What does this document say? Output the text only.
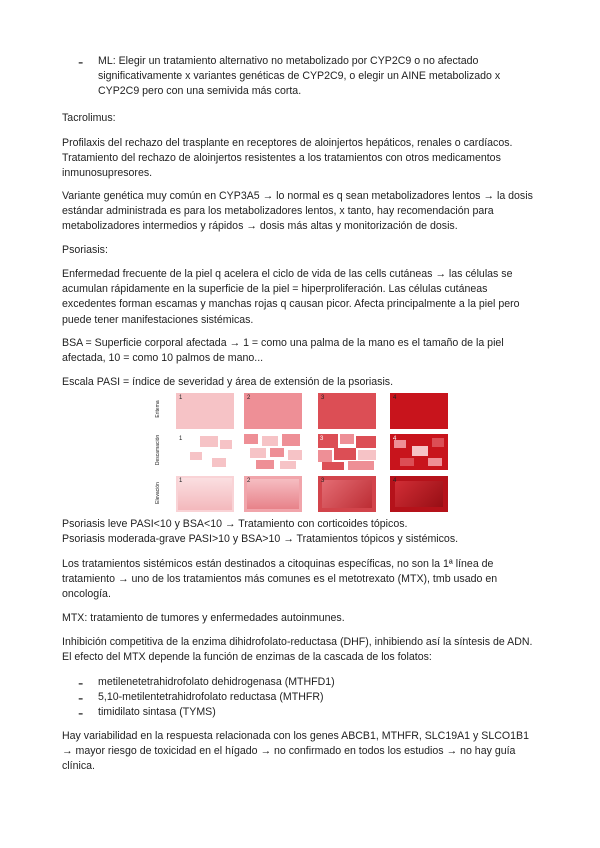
- ML: Elegir un tratamiento alternativo no metabolizado por CYP2C9 o no afectado significativamente x variantes genéticas de CYP2C9, o elegir un AINE metabolizado x CYP2C9 pero con una semivida más corta.

Tacrolimus:

Profilaxis del rechazo del trasplante en receptores de aloinjertos hepáticos, renales o cardíacos. Tratamiento del rechazo de aloinjertos resistentes a los tratamientos con otros medicamentos inmunosupresores.

Variante genética muy común en CYP3A5 → lo normal es q sean metabolizadores lentos → la dosis estándar administrada es para los metabolizadores lentos, x tanto, hay recomendación para metabolizadores intermedios y rápidos → dosis más altas y monitorización de dosis.

Psoriasis:

Enfermedad frecuente de la piel q acelera el ciclo de vida de las cells cutáneas → las células se acumulan rápidamente en la superficie de la piel = hiperproliferación. Las células cutáneas excedentes forman escamas y manchas rojas q causan picor. Afecta principalmente a la piel pero puede tener manifestaciones sistémicas.

BSA = Superficie corporal afectada → 1 = como una palma de la mano es el tamaño de la piel afectada, 10 = como 10 palmos de mano...

Escala PASI = índice de severidad y área de extensión de la psoriasis.

Eritema
1	2	3	4
Descamación	1	3	4
Elevación
1	2	3	4

Psoriasis leve PASI<10 y BSA<10 → Tratamiento con corticoides tópicos.

Psoriasis moderada-grave PASI>10 y BSA>10 → Tratamientos tópicos y sistémicos.

Los tratamientos sistémicos están destinados a citoquinas específicas, no son la 1ª línea de tratamiento → uno de los tratamientos más comunes es el metotrexato (MTX), tmb usado en oncología.

MTX: tratamiento de tumores y enfermedades autoinmunes.

Inhibición competitiva de la enzima dihidrofolato-reductasa (DHF), inhibiendo así la síntesis de ADN. El efecto del MTX depende la función de enzimas de la cascada de los folatos:

- metilenetetrahidrofolato dehidrogenasa (MTHFD1)

- 5,10-metilentetrahidrofolato reductasa (MTHFR)

- timidilato sintasa (TYMS)

Hay variabilidad en la respuesta relacionada con los genes ABCB1, MTHFR, SLC19A1 y SLCO1B1 → mayor riesgo de toxicidad en el hígado → no confirmado en todos los estudios → no hay guía clínica.
